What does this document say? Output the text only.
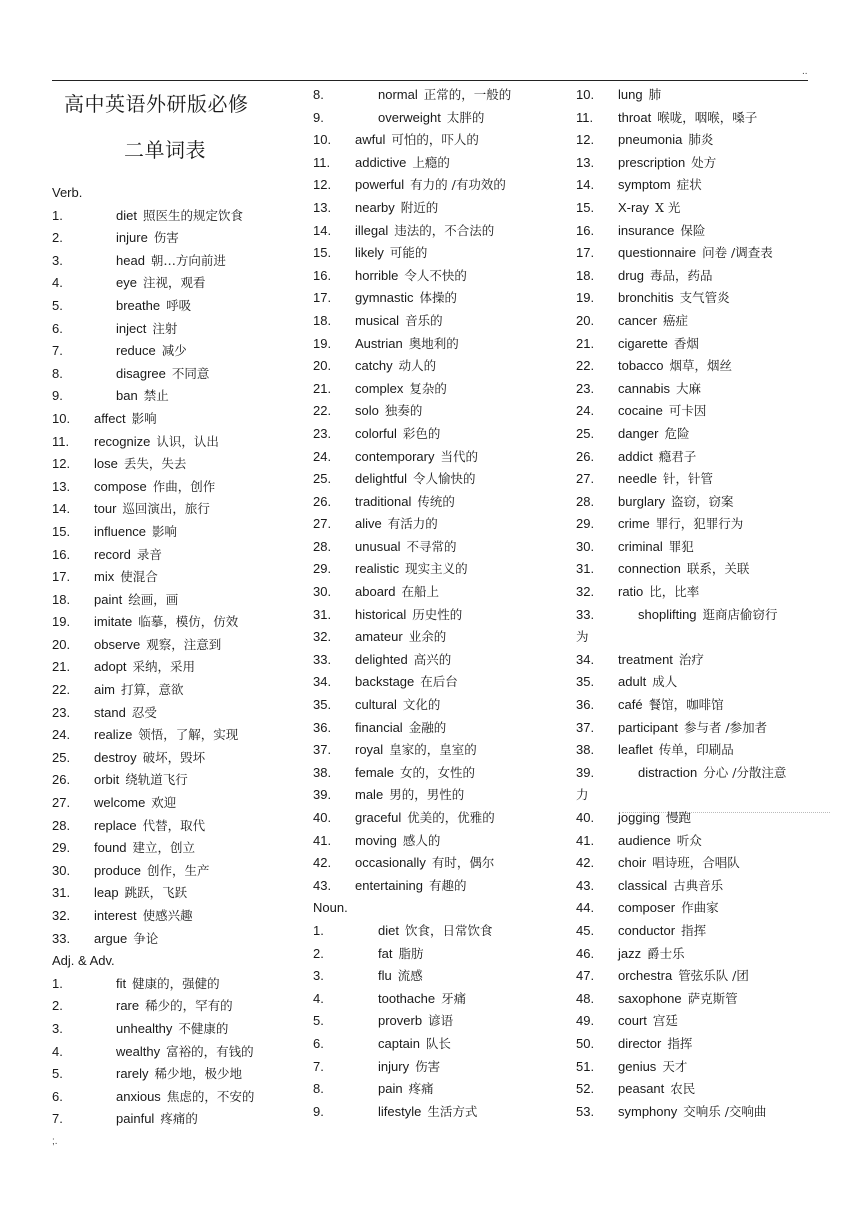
..
高中英语外研版必修
二单词表
Verb.
1.	diet 照医生的规定饮食
2.	injure 伤害
3.	head 朝…方向前进
4.	eye 注视，观看
5.	breathe 呼吸
6.	inject 注射
7.	reduce 减少
8.	disagree 不同意
9.	ban 禁止
10. affect 影响
11. recognize 认识，认出
12. lose 丢失，失去
13. compose 作曲，创作
14. tour 巡回演出，旅行
15. influence 影响
16. record 录音
17. mix 使混合
18. paint 绘画，画
19. imitate 临摹，模仿，仿效
20. observe 观察，注意到
21. adopt 采纳，采用
22. aim 打算，意欲
23. stand 忍受
24. realize 领悟，了解，实现
25. destroy 破坏，毁坏
26. orbit 绕轨道飞行
27. welcome 欢迎
28. replace 代替，取代
29. found 建立，创立
30. produce 创作，生产
31. leap 跳跃，飞跃
32. interest 使感兴趣
33. argue 争论
Adj. & Adv.
1.	fit 健康的，强健的
2.	rare 稀少的，罕有的
3.	unhealthy 不健康的
4.	wealthy 富裕的，有钱的
5.	rarely 稀少地，极少地
6.	anxious 焦虑的，不安的
7.	painful 疼痛的
8.	normal 正常的，一般的
9.	overweight 太胖的
10. awful 可怕的，吓人的
11. addictive 上瘾的
12. powerful 有力的 /有功效的
13. nearby 附近的
14. illegal 违法的，不合法的
15. likely 可能的
16. horrible 令人不快的
17. gymnastic 体操的
18. musical 音乐的
19. Austrian 奥地利的
20. catchy 动人的
21. complex 复杂的
22. solo 独奏的
23. colorful 彩色的
24. contemporary 当代的
25. delightful 令人愉快的
26. traditional 传统的
27. alive 有活力的
28. unusual 不寻常的
29. realistic 现实主义的
30. aboard 在船上
31. historical 历史性的
32. amateur 业余的
33. delighted 高兴的
34. backstage 在后台
35. cultural 文化的
36. financial 金融的
37. royal 皇家的，皇室的
38. female 女的，女性的
39. male 男的，男性的
40. graceful 优美的，优雅的
41. moving 感人的
42. occasionally 有时，偶尔
43. entertaining 有趣的
Noun.
1.	diet 饮食，日常饮食
2.	fat 脂肪
3.	flu 流感
4.	toothache 牙痛
5.	proverb 谚语
6.	captain 队长
7.	injury 伤害
8.	pain 疼痛
9.	lifestyle 生活方式
10. lung 肺
11. throat 喉咙，咽喉，嗓子
12. pneumonia 肺炎
13. prescription 处方
14. symptom 症状
15. X-ray X 光
16. insurance 保险
17. questionnaire 问卷 /调查表
18. drug 毒品，药品
19. bronchitis 支气管炎
20. cancer 癌症
21. cigarette 香烟
22. tobacco 烟草，烟丝
23. cannabis 大麻
24. cocaine 可卡因
25. danger 危险
26. addict 瘾君子
27. needle 针，针管
28. burglary 盗窃，窃案
29. crime 罪行，犯罪行为
30. criminal 罪犯
31. connection 联系，关联
32. ratio 比，比率
33.	shoplifting 逛商店偷窃行
为
34. treatment 治疗
35. adult 成人
36. café 餐馆，咖啡馆
37. participant 参与者 /参加者
38. leaflet 传单，印刷品
39.	distraction 分心 /分散注意
力
40. jogging 慢跑
41. audience 听众
42. choir 唱诗班，合唱队
43. classical 古典音乐
44. composer 作曲家
45. conductor 指挥
46. jazz 爵士乐
47. orchestra 管弦乐队 /团
48. saxophone 萨克斯管
49. court 宫廷
50. director 指挥
51. genius 天才
52. peasant 农民
53. symphony 交响乐 /交响曲
;.
